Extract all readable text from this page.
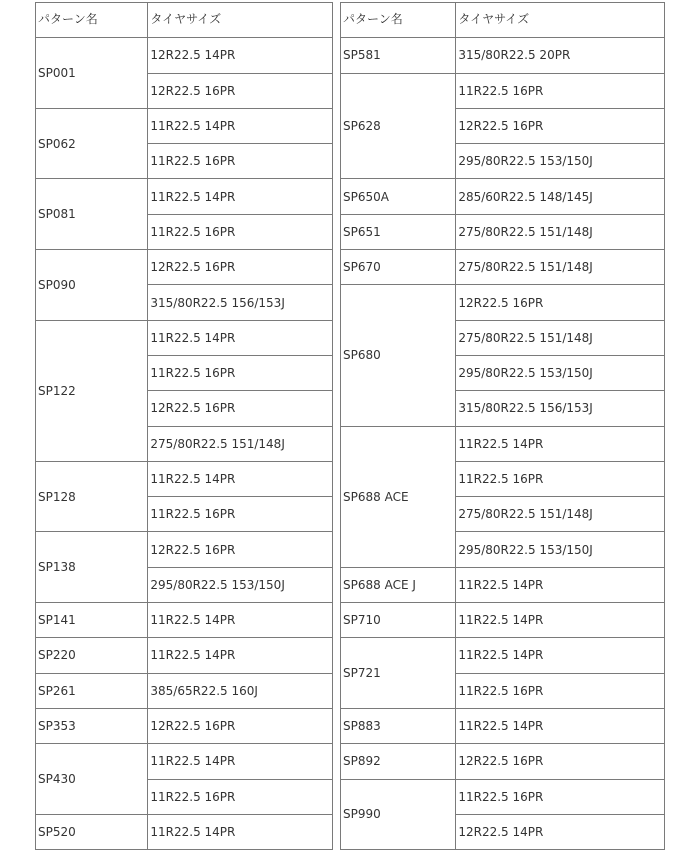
パターン名	タイヤサイズ
SP001	12R22.5 14PR
	12R22.5 16PR
SP062	11R22.5 14PR
	11R22.5 16PR
SP081	11R22.5 14PR
	11R22.5 16PR
SP090	12R22.5 16PR
	315/80R22.5 156/153J
SP122	11R22.5 14PR
	11R22.5 16PR
	12R22.5 16PR
	275/80R22.5 151/148J
SP128	11R22.5 14PR
	11R22.5 16PR
SP138	12R22.5 16PR
	295/80R22.5 153/150J
SP141	11R22.5 14PR
SP220	11R22.5 14PR
SP261	385/65R22.5 160J
SP353	12R22.5 16PR
SP430	11R22.5 14PR
	11R22.5 16PR
SP520	11R22.5 14PR
パターン名	タイヤサイズ
SP581	315/80R22.5 20PR
SP628	11R22.5 16PR
	12R22.5 16PR
	295/80R22.5 153/150J
SP650A	285/60R22.5 148/145J
SP651	275/80R22.5 151/148J
SP670	275/80R22.5 151/148J
SP680	12R22.5 16PR
	275/80R22.5 151/148J
	295/80R22.5 153/150J
	315/80R22.5 156/153J
SP688 ACE	11R22.5 14PR
	11R22.5 16PR
	275/80R22.5 151/148J
	295/80R22.5 153/150J
SP688 ACE J	11R22.5 14PR
SP710	11R22.5 14PR
SP721	11R22.5 14PR
	11R22.5 16PR
SP883	11R22.5 14PR
SP892	12R22.5 16PR
SP990	11R22.5 16PR
	12R22.5 14PR
